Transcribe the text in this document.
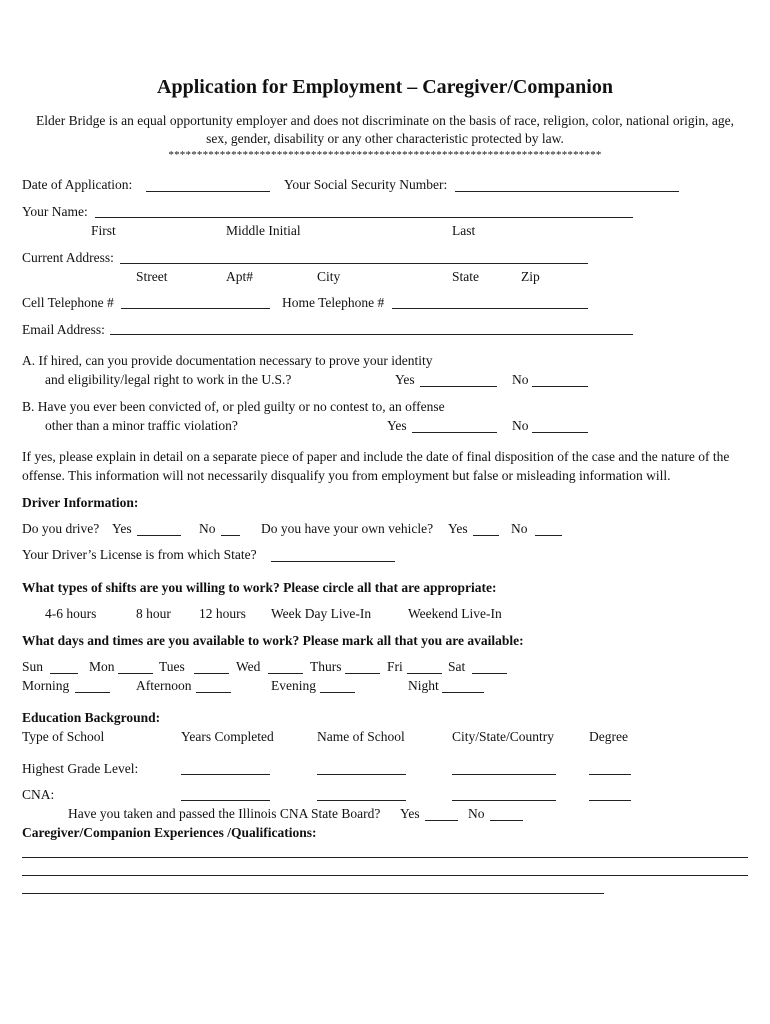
Application for Employment – Caregiver/Companion
Elder Bridge is an equal opportunity employer and does not discriminate on the basis of race, religion, color, national origin, age,
sex, gender, disability or any other characteristic protected by law.
****************************************************************************
Date of Application:	Your Social Security Number:
Your Name:
First	Middle Initial	Last
Current Address:
Street	Apt#	City	State	Zip
Cell Telephone #	Home Telephone #
Email Address:
A. If hired, can you provide documentation necessary to prove your identity
and eligibility/legal right to work in the U.S.?	Yes	No
B. Have you ever been convicted of, or pled guilty or no contest to, an offense
other than a minor traffic violation?	Yes	No
If yes, please explain in detail on a separate piece of paper and include the date of final disposition of the case and the nature of the
offense. This information will not necessarily disqualify you from employment but false or misleading information will.
Driver Information:
Do you drive? Yes	No	Do you have your own vehicle? Yes	No
Your Driver’s License is from which State?
What types of shifts are you willing to work? Please circle all that are appropriate:
4-6 hours	8 hour 12 hours Week Day Live-In	Weekend Live-In
What days and times are you available to work? Please mark all that you are available:
Sun	Mon	Tues	Wed	Thurs	Fri	Sat
Morning	Afternoon	Evening	Night
Education Background:
Type of School	Years Completed	Name of School	City/State/Country	Degree
Highest Grade Level:
CNA:
Have you taken and passed the Illinois CNA State Board? Yes	No
Caregiver/Companion Experiences /Qualifications:
